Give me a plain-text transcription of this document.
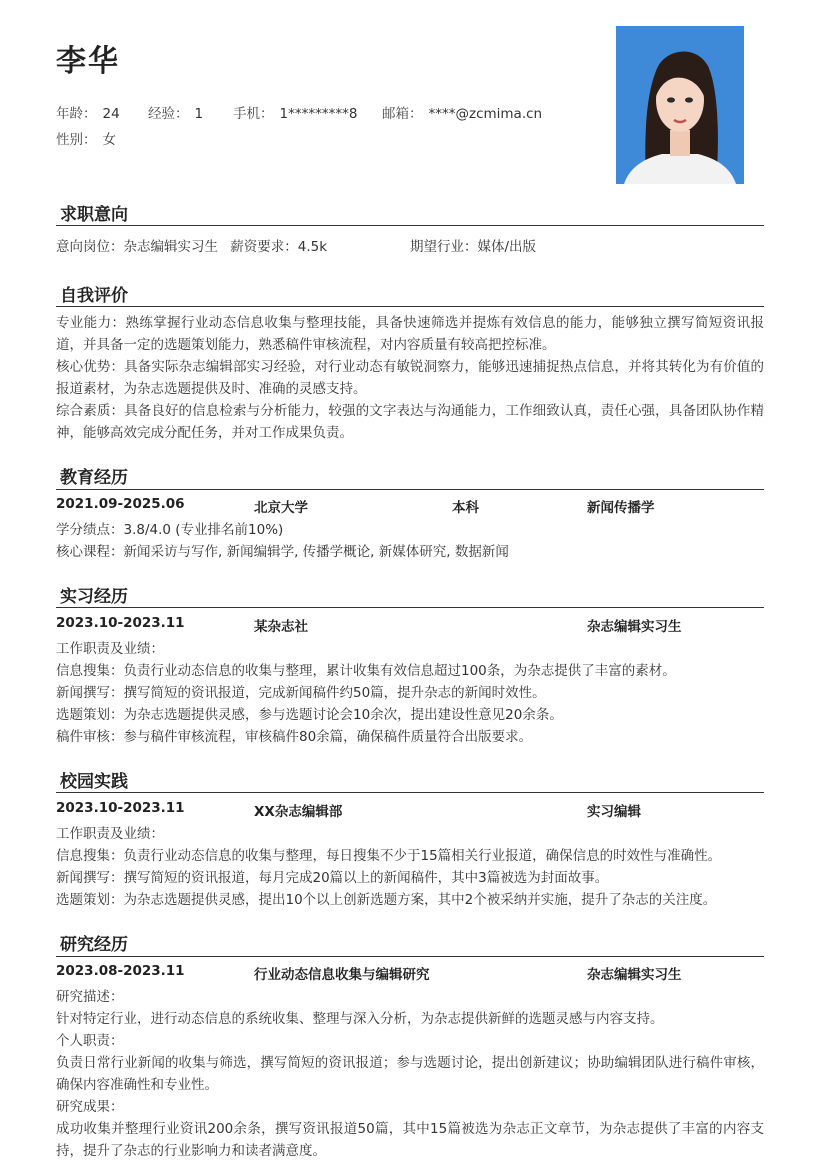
李华
年龄： 24 经验： 1 手机： 1*********8 邮箱： ****@zcmima.cn
性别： 女
求职意向
意向岗位：杂志编辑实习生 薪资要求：4.5k	期望行业：媒体/出版
自我评价

专业能力：熟练掌握行业动态信息收集与整理技能，具备快速筛选并提炼有效信息的能力，能够独立撰写简短资讯报道，并具备一定的选题策划能力，熟悉稿件审核流程，对内容质量有较高把控标准。

核心优势：具备实际杂志编辑部实习经验，对行业动态有敏锐洞察力，能够迅速捕捉热点信息，并将其转化为有价值的报道素材，为杂志选题提供及时、准确的灵感支持。

综合素质：具备良好的信息检索与分析能力，较强的文字表达与沟通能力，工作细致认真，责任心强，具备团队协作精神，能够高效完成分配任务，并对工作成果负责。

教育经历
2021.09-2025.06	北京大学	本科	新闻传播学
学分绩点：3.8/4.0 (专业排名前10%)
核心课程：新闻采访与写作, 新闻编辑学, 传播学概论, 新媒体研究, 数据新闻
实习经历
2023.10-2023.11	某杂志社	杂志编辑实习生
工作职责及业绩：
信息搜集：负责行业动态信息的收集与整理，累计收集有效信息超过100条，为杂志提供了丰富的素材。
新闻撰写：撰写简短的资讯报道，完成新闻稿件约50篇，提升杂志的新闻时效性。
选题策划：为杂志选题提供灵感，参与选题讨论会10余次，提出建设性意见20余条。
稿件审核：参与稿件审核流程，审核稿件80余篇，确保稿件质量符合出版要求。
校园实践
2023.10-2023.11	XX杂志编辑部	实习编辑
工作职责及业绩：
信息搜集：负责行业动态信息的收集与整理，每日搜集不少于15篇相关行业报道，确保信息的时效性与准确性。
新闻撰写：撰写简短的资讯报道，每月完成20篇以上的新闻稿件，其中3篇被选为封面故事。
选题策划：为杂志选题提供灵感，提出10个以上创新选题方案，其中2个被采纳并实施，提升了杂志的关注度。
研究经历
2023.08-2023.11	行业动态信息收集与编辑研究	杂志编辑实习生
研究描述：
针对特定行业，进行动态信息的系统收集、整理与深入分析，为杂志提供新鲜的选题灵感与内容支持。
个人职责：
负责日常行业新闻的收集与筛选，撰写简短的资讯报道；参与选题讨论，提出创新建议；协助编辑团队进行稿件审核，确保内容准确性和专业性。
研究成果：
成功收集并整理行业资讯200余条，撰写资讯报道50篇，其中15篇被选为杂志正文章节，为杂志提供了丰富的内容支持，提升了杂志的行业影响力和读者满意度。
